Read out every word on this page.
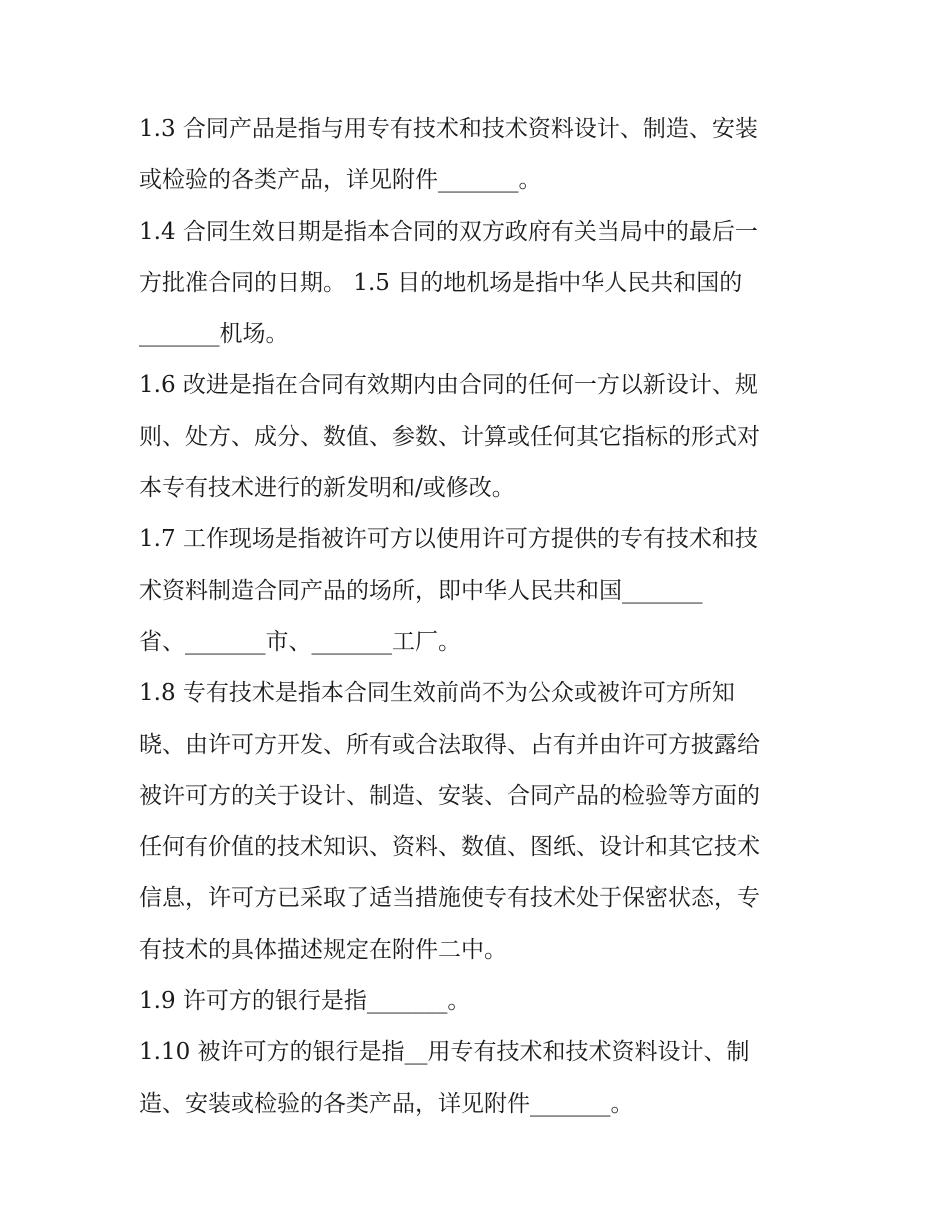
1.3 合同产品是指与用专有技术和技术资料设计、制造、安装
或检验的各类产品，详见附件_______。
1.4 合同生效日期是指本合同的双方政府有关当局中的最后一
方批准合同的日期。 1.5 目的地机场是指中华人民共和国的
_______机场。
1.6 改进是指在合同有效期内由合同的任何一方以新设计、规
则、处方、成分、数值、参数、计算或任何其它指标的形式对
本专有技术进行的新发明和/或修改。
1.7 工作现场是指被许可方以使用许可方提供的专有技术和技
术资料制造合同产品的场所，即中华人民共和国_______
省、_______市、_______工厂。
1.8 专有技术是指本合同生效前尚不为公众或被许可方所知
晓、由许可方开发、所有或合法取得、占有并由许可方披露给
被许可方的关于设计、制造、安装、合同产品的检验等方面的
任何有价值的技术知识、资料、数值、图纸、设计和其它技术
信息，许可方已采取了适当措施使专有技术处于保密状态，专
有技术的具体描述规定在附件二中。
1.9 许可方的银行是指_______。
1.10 被许可方的银行是指__用专有技术和技术资料设计、制
造、安装或检验的各类产品，详见附件_______。
